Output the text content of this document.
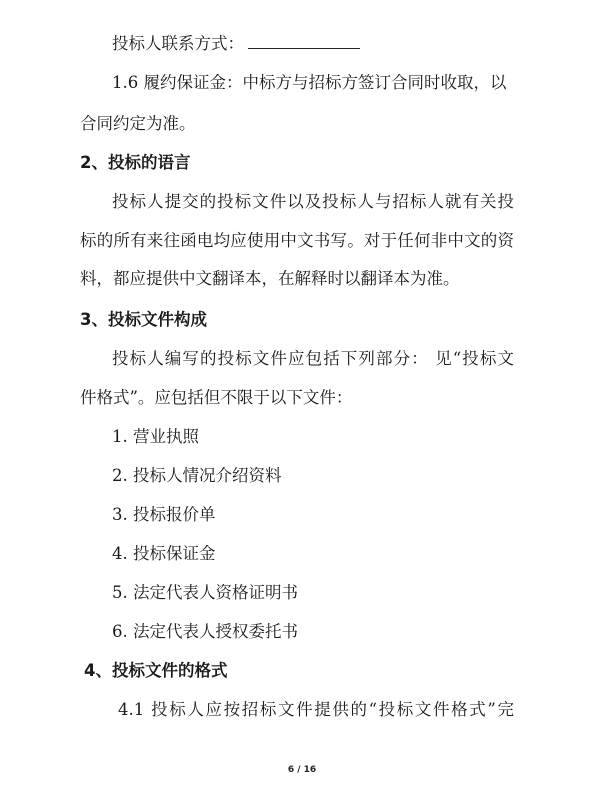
投标人联系方式：
1.6 履约保证金：中标方与招标方签订合同时收取，以
合同约定为准。
2、投标的语言
投标人提交的投标文件以及投标人与招标人就有关投
标的所有来往函电均应使用中文书写。对于任何非中文的资
料，都应提供中文翻译本，在解释时以翻译本为准。
3、投标文件构成
投标人编写的投标文件应包括下列部分： 见“投标文
件格式”。应包括但不限于以下文件：
1. 营业执照
2. 投标人情况介绍资料
3. 投标报价单
4. 投标保证金
5. 法定代表人资格证明书
6. 法定代表人授权委托书
4、投标文件的格式
4.1 投标人应按招标文件提供的“投标文件格式”完
6 / 16
